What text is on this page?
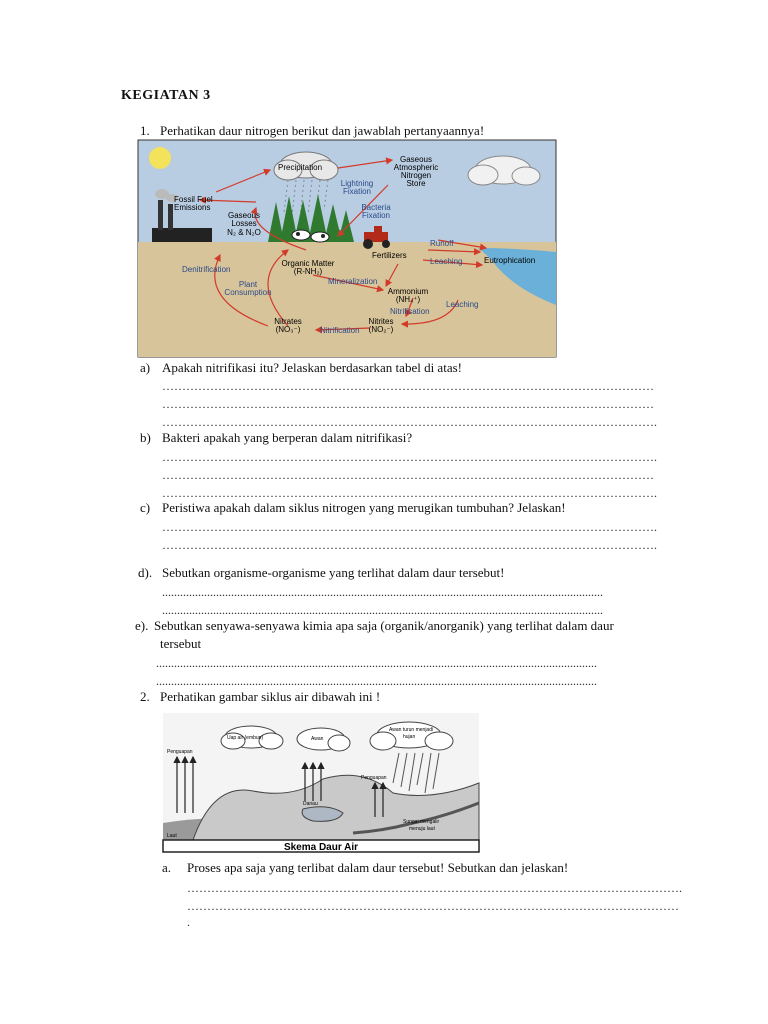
KEGIATAN 3
1. Perhatikan daur nitrogen berikut dan jawablah pertanyaannya!
Precipitation
Gaseous
Atmospheric
Nitrogen
Store
Fossil Fuel
Emissions
Lightning
Fixation
Bacteria
Fixation
Gaseous
Losses
N₂ & N₂O
Organic Matter
(R-NH₂)
Fertilizers
Runoff
Leaching	Eutrophication
Denitrification
Plant
Consumption
Mineralization
Ammonium
(NH₄⁺)
Nitrification
Leaching
Nitrates
(NO₃⁻)
Nitrites
(NO₂⁻)
Nitrification
a) Apakah nitrifikasi itu? Jelaskan berdasarkan tabel di atas!
……………………………………………………………………………………………………………
……………………………………………………………………………………………………………
…………………………………………………………………………………………………………….
b) Bakteri apakah yang berperan dalam nitrifikasi?
…………………………………………………………………………………………………………….
……………………………………………………………………………………………………………
…………………………………………………………………………………………………………….
c) Peristiwa apakah dalam siklus nitrogen yang merugikan tumbuhan? Jelaskan!
…………………………………………………………………………………………………………….
…………………………………………………………………………………………………………….
d). Sebutkan organisme-organisme yang terlihat dalam daur tersebut!
...................................................................................................................................................
...................................................................................................................................................
e). Sebutkan senyawa-senyawa kimia apa saja (organik/anorganik) yang terlihat dalam daur
tersebut
...................................................................................................................................................
...................................................................................................................................................
2. Perhatikan gambar siklus air dibawah ini !
Skema Daur Air
Penguapan
Uap air (embun)	Awan
Awan turun menjadi
hujan
Penguapan
Danau
Laut
Sungai mengalir
menuju laut
a. Proses apa saja yang terlibat dalam daur tersebut! Sebutkan dan jelaskan!
…………………………………………………………………………………………………………….
……………………………………………………………………………………………………………
.
